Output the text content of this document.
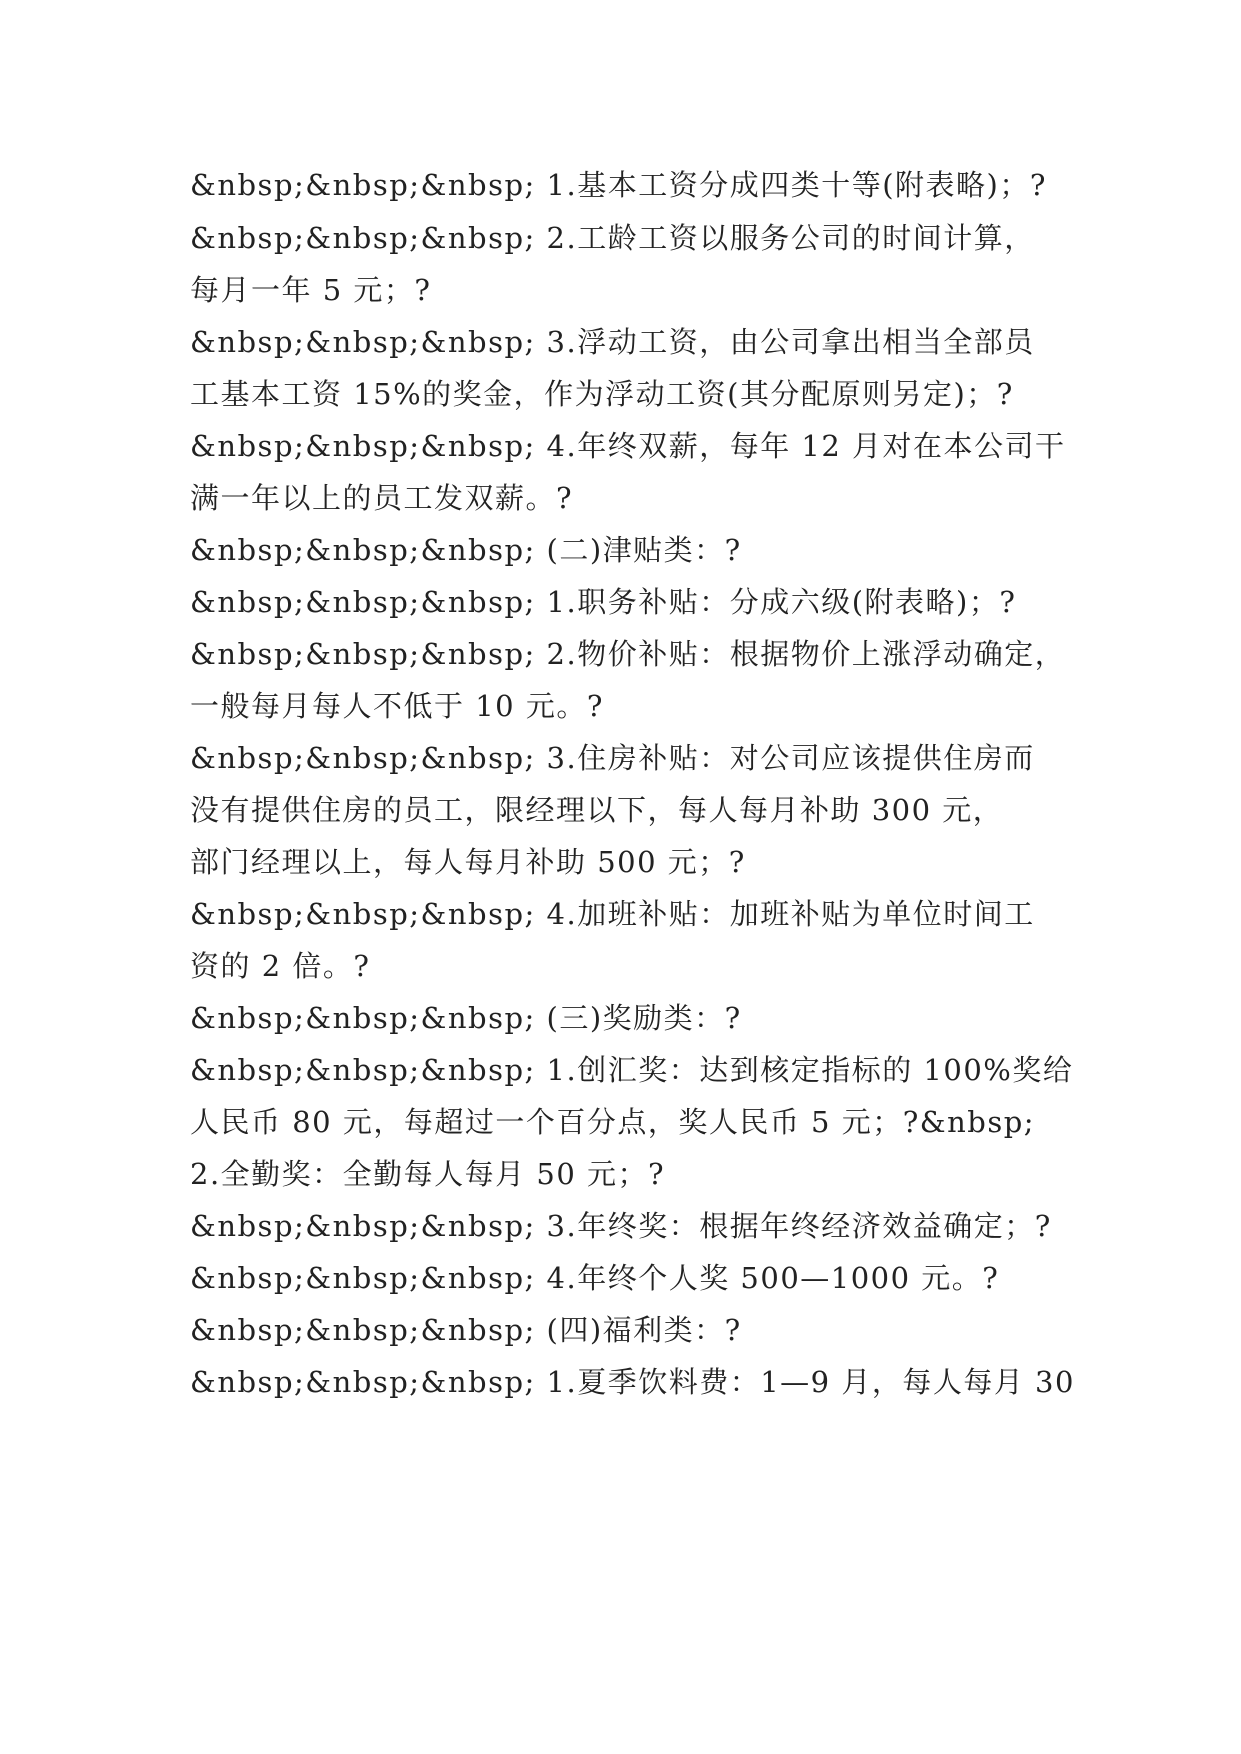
&nbsp;&nbsp;&nbsp; 1.基本工资分成四类十等(附表略)；?
&nbsp;&nbsp;&nbsp; 2.工龄工资以服务公司的时间计算，
每月一年 5 元；?
&nbsp;&nbsp;&nbsp; 3.浮动工资，由公司拿出相当全部员
工基本工资 15%的奖金，作为浮动工资(其分配原则另定)；?
&nbsp;&nbsp;&nbsp; 4.年终双薪，每年 12 月对在本公司干
满一年以上的员工发双薪。?
&nbsp;&nbsp;&nbsp; (二)津贴类：?
&nbsp;&nbsp;&nbsp; 1.职务补贴：分成六级(附表略)；?
&nbsp;&nbsp;&nbsp; 2.物价补贴：根据物价上涨浮动确定，
一般每月每人不低于 10 元。?
&nbsp;&nbsp;&nbsp; 3.住房补贴：对公司应该提供住房而
没有提供住房的员工，限经理以下，每人每月补助 300 元，
部门经理以上，每人每月补助 500 元；?
&nbsp;&nbsp;&nbsp; 4.加班补贴：加班补贴为单位时间工
资的 2 倍。?
&nbsp;&nbsp;&nbsp; (三)奖励类：?
&nbsp;&nbsp;&nbsp; 1.创汇奖：达到核定指标的 100%奖给
人民币 80 元，每超过一个百分点，奖人民币 5 元；?&nbsp;
2.全勤奖：全勤每人每月 50 元；?
&nbsp;&nbsp;&nbsp; 3.年终奖：根据年终经济效益确定；?
&nbsp;&nbsp;&nbsp; 4.年终个人奖 500—1000 元。?
&nbsp;&nbsp;&nbsp; (四)福利类：?
&nbsp;&nbsp;&nbsp; 1.夏季饮料费：1—9 月，每人每月 30
